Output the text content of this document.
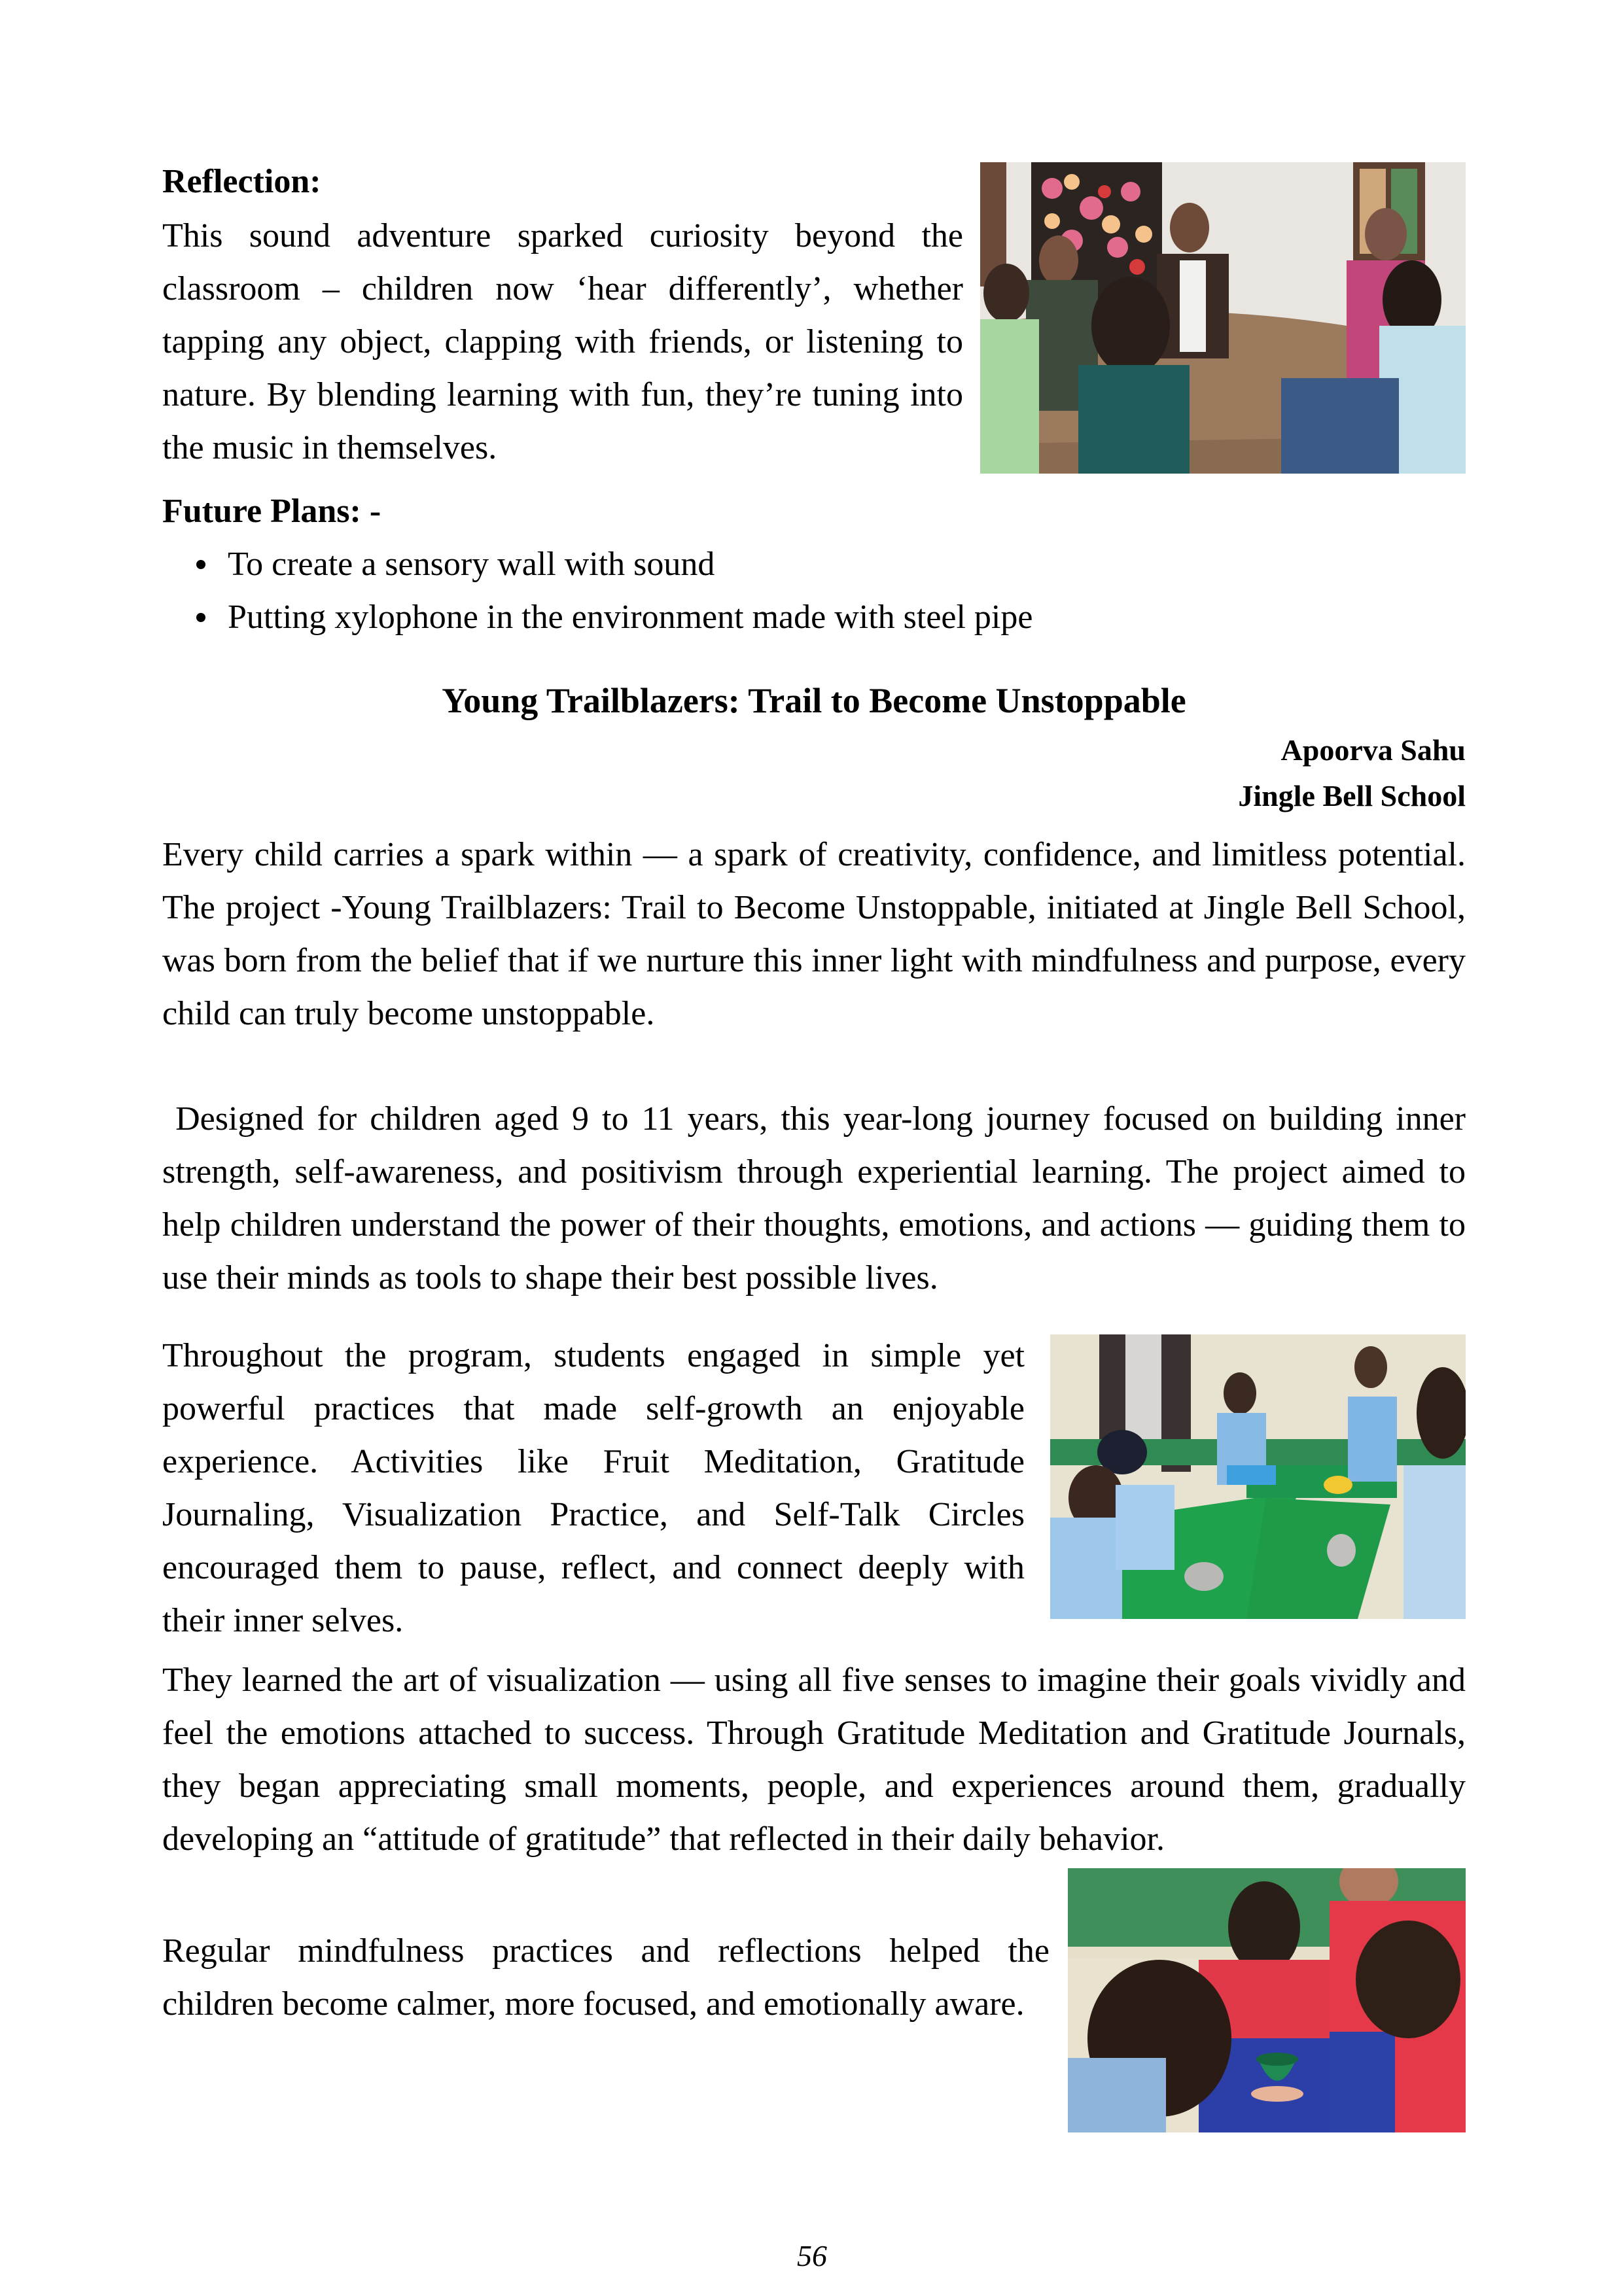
Reflection:

This sound adventure sparked curiosity beyond the classroom – children now ‘hear differently’, whether tapping any object, clapping with friends, or listening to nature. By blending learning with fun, they’re tuning into the music in themselves.

Future Plans: -
To create a sensory wall with sound
Putting xylophone in the environment made with steel pipe
Young Trailblazers: Trail to Become Unstoppable
Apoorva Sahu
Jingle Bell School

Every child carries a spark within — a spark of creativity, confidence, and limitless potential. The project -Young Trailblazers: Trail to Become Unstoppable, initiated at Jingle Bell School, was born from the belief that if we nurture this inner light with mindfulness and purpose, every child can truly become unstoppable.

Designed for children aged 9 to 11 years, this year-long journey focused on building inner strength, self-awareness, and positivism through experiential learning. The project aimed to help children understand the power of their thoughts, emotions, and actions — guiding them to use their minds as tools to shape their best possible lives.

Throughout the program, students engaged in simple yet powerful practices that made self-growth an enjoyable experience. Activities like Fruit Meditation, Gratitude Journaling, Visualization Practice, and Self-Talk Circles encouraged them to pause, reflect, and connect deeply with their inner selves.

They learned the art of visualization — using all five senses to imagine their goals vividly and feel the emotions attached to success. Through Gratitude Meditation and Gratitude Journals, they began appreciating small moments, people, and experiences around them, gradually developing an “attitude of gratitude” that reflected in their daily behavior.

Regular mindfulness practices and reflections helped the children become calmer, more focused, and emotionally aware.

56
